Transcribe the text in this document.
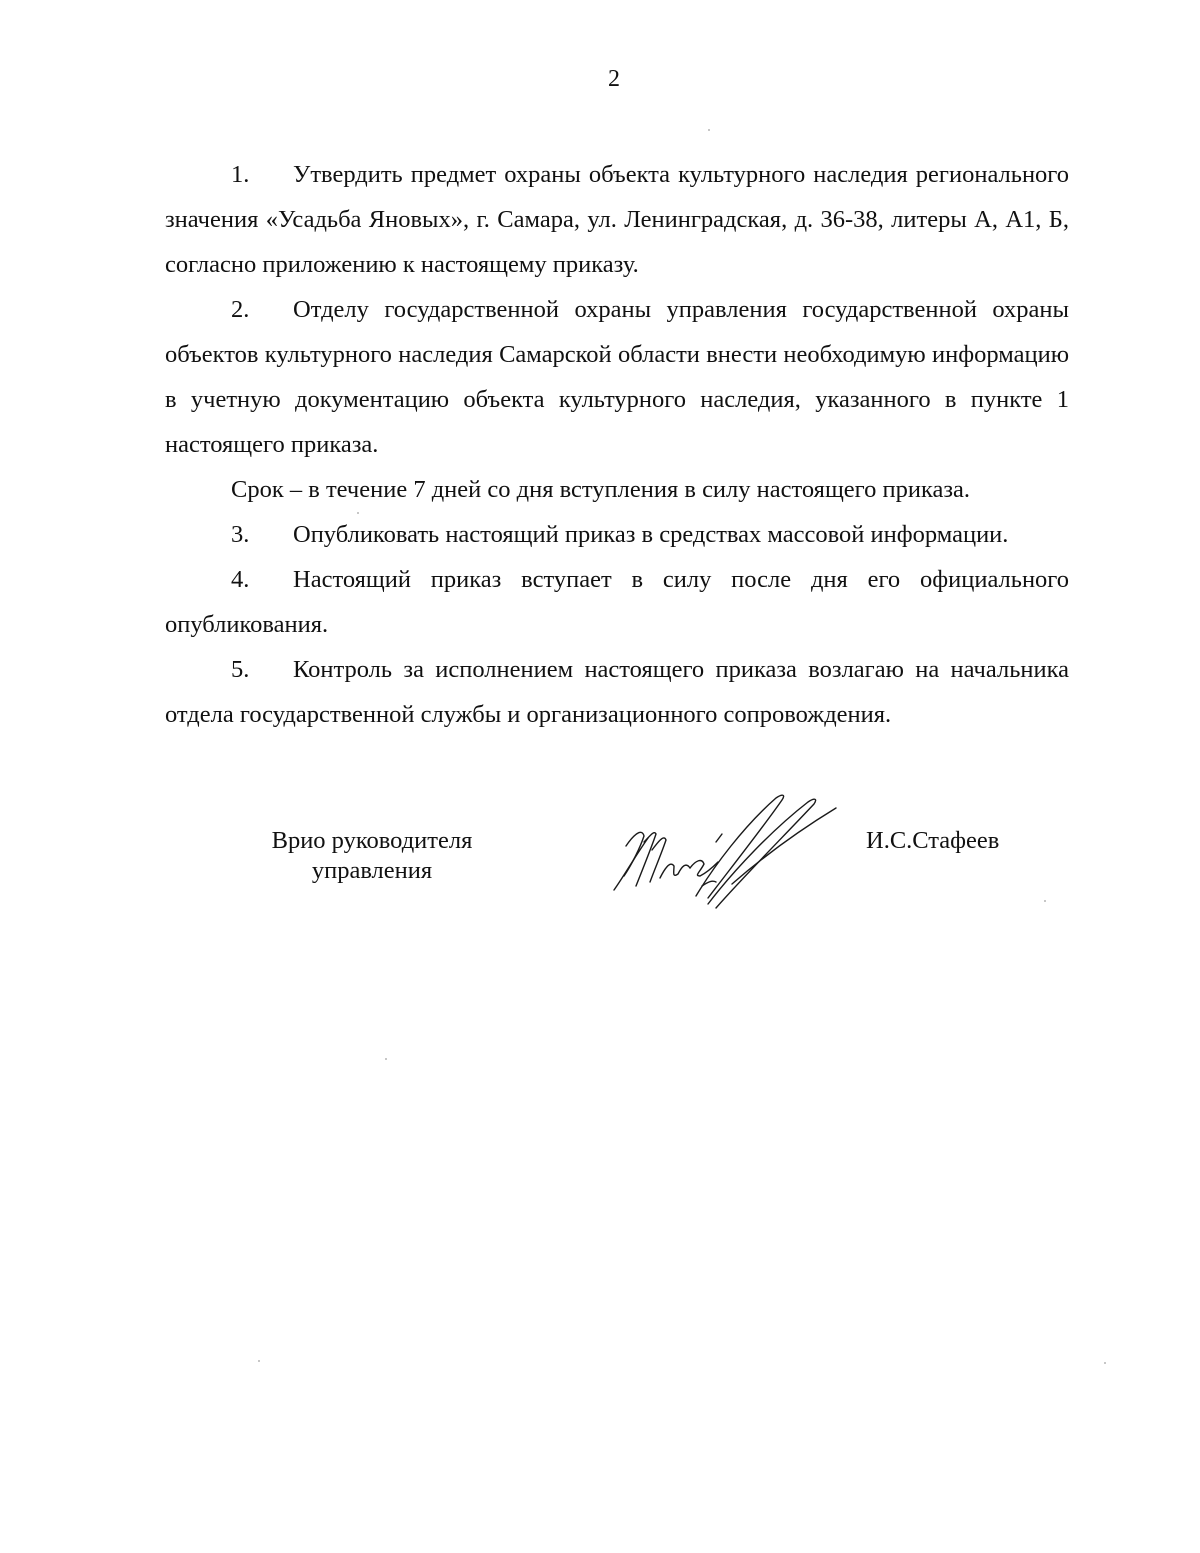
2

1. Утвердить предмет охраны объекта культурного наследия регионального значения «Усадьба Яновых», г. Самара, ул. Ленинградская, д. 36-38, литеры А, А1, Б, согласно приложению к настоящему приказу.

2. Отделу государственной охраны управления государственной охраны объектов культурного наследия Самарской области внести необходимую информацию в учетную документацию объекта культурного наследия, указанного в пункте 1 настоящего приказа.

Срок – в течение 7 дней со дня вступления в силу настоящего приказа.

3. Опубликовать настоящий приказ в средствах массовой информации.

4. Настоящий приказ вступает в силу после дня его официального опубликования.

5. Контроль за исполнением настоящего приказа возлагаю на начальника отдела государственной службы и организационного сопровождения.

Врио руководителя
управления
И.С.Стафеев
